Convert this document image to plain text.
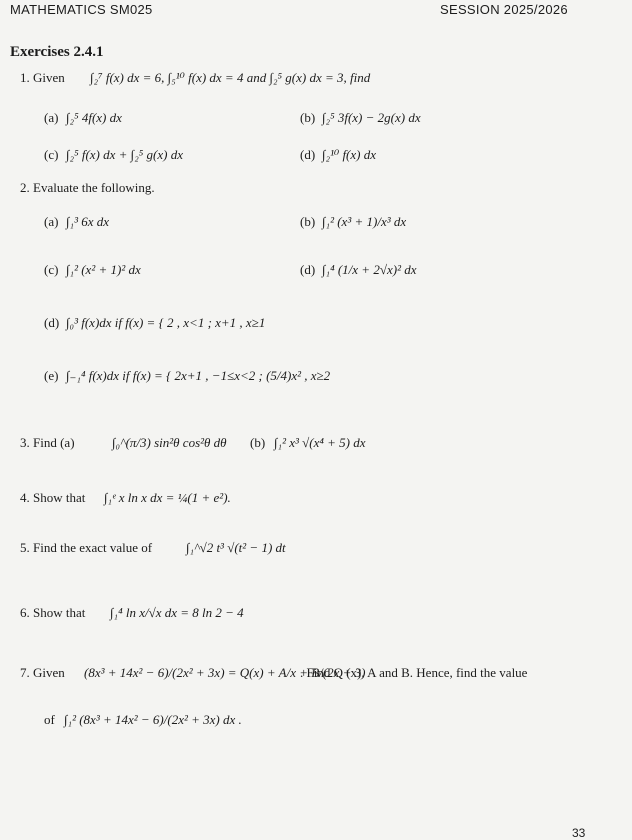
MATHEMATICS SM025	SESSION 2025/2026
Exercises 2.4.1
1. Given ∫₂⁷ f(x) dx = 6, ∫₅¹⁰ f(x) dx = 4 and ∫₂⁵ g(x) dx = 3, find
(a) ∫₂⁵ 4f(x) dx	(b) ∫₂⁵ 3f(x) − 2g(x) dx
(c) ∫₂⁵ f(x) dx + ∫₂⁵ g(x) dx	(d) ∫₂¹⁰ f(x) dx
2. Evaluate the following.
(a) ∫₁³ 6x dx	(b) ∫₁² (x³ + 1)/x³ dx
(c) ∫₁² (x² + 1)² dx	(d) ∫₁⁴ (1/x + 2√x)² dx
(d) ∫₀³ f(x)dx if f(x) = { 2 , x<1 ; x+1 , x≥1
(e) ∫₋₁⁴ f(x)dx if f(x) = { 2x+1 , −1≤x<2 ; (5/4)x² , x≥2
3. Find (a)	∫₀^(π/3) sin²θ cos²θ dθ (b) ∫₁² x³ √(x⁴ + 5) dx
4. Show that ∫₁ᵉ x ln x dx = ¼(1 + e²).
5. Find the exact value of	∫₁^√2 t³ √(t² − 1) dt
6. Show that ∫₁⁴ ln x/√x dx = 8 ln 2 − 4
7. Given (8x³ + 14x² − 6)/(2x² + 3x) = Q(x) + A/x + B/(2x + 3)
. Find Q (x), A and B. Hence, find the value
of ∫₁² (8x³ + 14x² − 6)/(2x² + 3x) dx .
33
